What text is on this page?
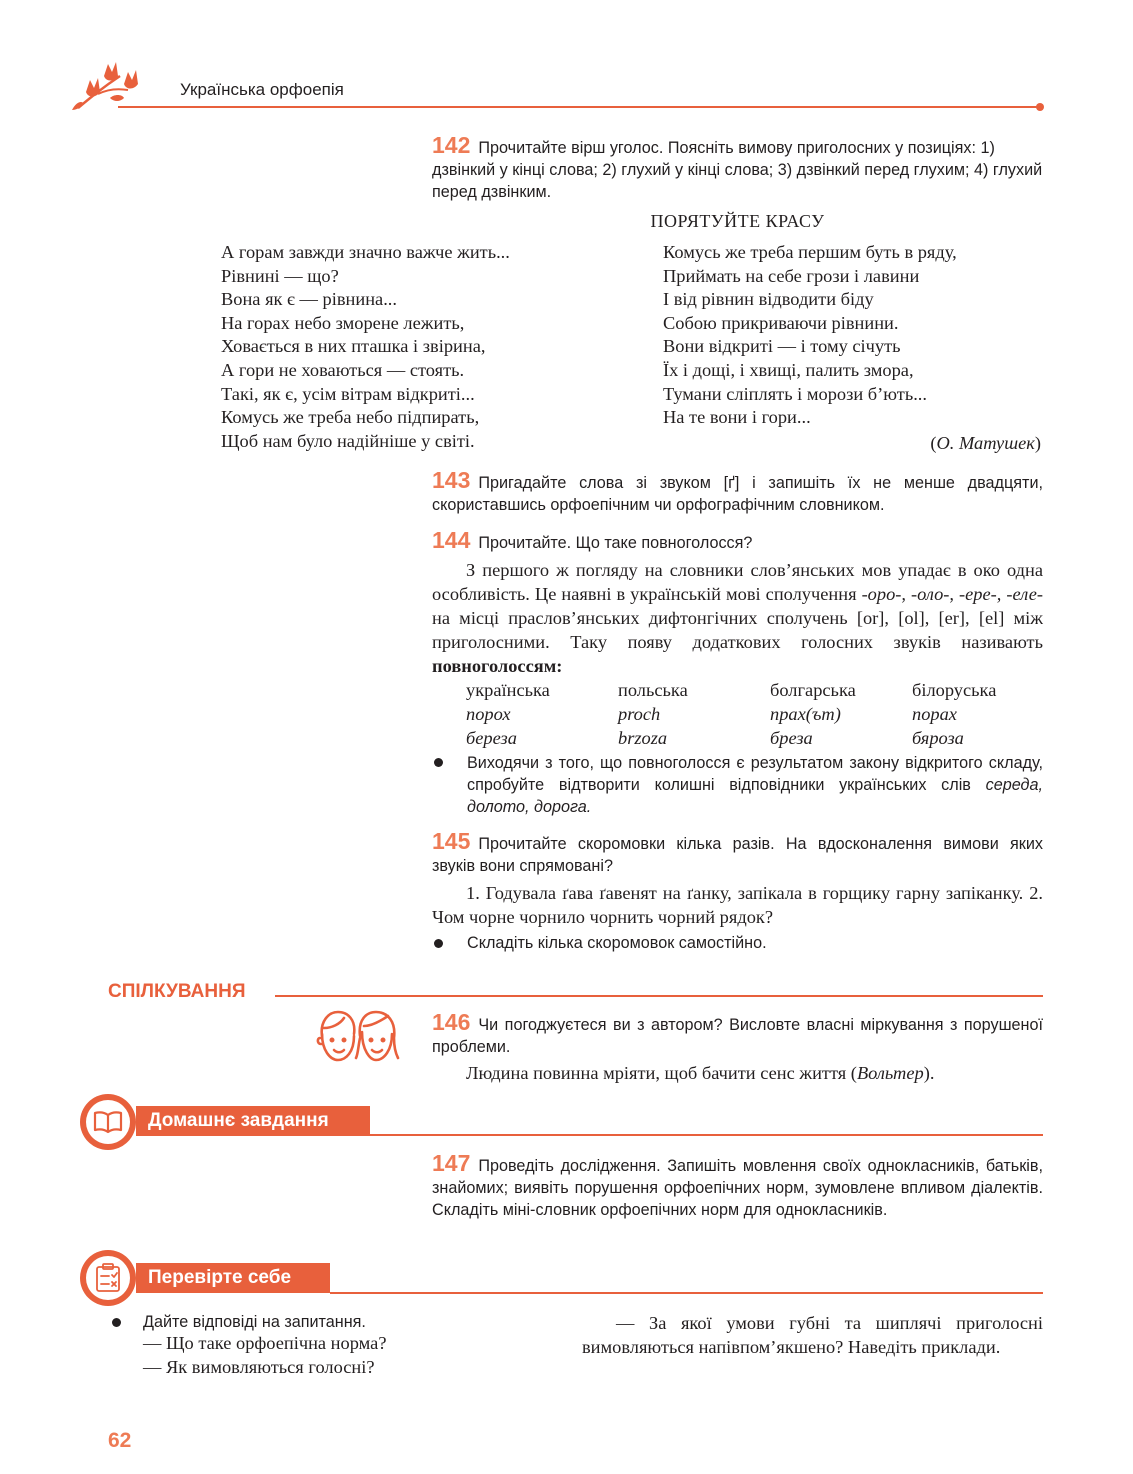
Українська орфоепія
142 Прочитайте вірш уголос. Поясніть вимову приголосних у позиціях: 1) дзвінкий у кінці слова; 2) глухий у кінці слова; 3) дзвінкий перед глухим; 4) глухий перед дзвінким.
ПОРЯТУЙТЕ КРАСУ
А горам завжди значно важче жить...
Рівнині — що?
Вона як є — рівнина...
На горах небо зморене лежить,
Ховається в них пташка і звірина,
А гори не ховаються — стоять.
Такі, як є, усім вітрам відкриті...
Комусь же треба небо підпирать,
Щоб нам було надійніше у світі.
Комусь же треба першим буть в ряду,
Приймать на себе грози і лавини
І від рівнин відводити біду
Собою прикриваючи рівнини.
Вони відкриті — і тому січуть
Їх і дощі, і хвищі, палить змора,
Тумани сліплять і морози б’ють...
На те вони і гори...
(О. Матушек)
143 Пригадайте слова зі звуком [ґ] і запишіть їх не менше двадцяти, скориставшись орфоепічним чи орфографічним словником.
144 Прочитайте. Що таке повноголосся?

З першого ж погляду на словники слов’янських мов упадає в око одна особливість. Це наявні в українській мові сполучення -оро-, -оло-, -ере-, -еле- на місці праслов’янських дифтонгічних сполучень [or], [ol], [er], [el] між приголосними. Таку появу додаткових голосних звуків називають повноголоссям:

українська	польська	болгарська	білоруська
порох	proch	прах(ът)	порах
береза	brzoza	бреза	бяроза
Виходячи з того, що повноголосся є результатом закону відкритого складу, спробуйте відтворити колишні відповідники українських слів середа, долото, дорога.
145 Прочитайте скоромовки кілька разів. На вдосконалення вимови яких звуків вони спрямовані?

1. Годувала ґава ґавенят на ґанку, запікала в горщику гарну запіканку. 2. Чом чорне чорнило чорнить чорний рядок?

Складіть кілька скоромовок самостійно.
СПІЛКУВАННЯ
146 Чи погоджуєтеся ви з автором? Висловте власні міркування з порушеної проблеми.

Людина повинна мріяти, щоб бачити сенс життя (Вольтер).

Домашнє завдання
147 Проведіть дослідження. Запишіть мовлення своїх однокласників, батьків, знайомих; виявіть порушення орфоепічних норм, зумовлене впливом діалектів. Складіть міні-словник орфоепічних норм для однокласників.
Перевірте себе
Дайте відповіді на запитання.
— Що таке орфоепічна норма?
— Як вимовляються голосні?

— За якої умови губні та шиплячі приголосні вимовляються напівпом’якшено? Наведіть приклади.

62
